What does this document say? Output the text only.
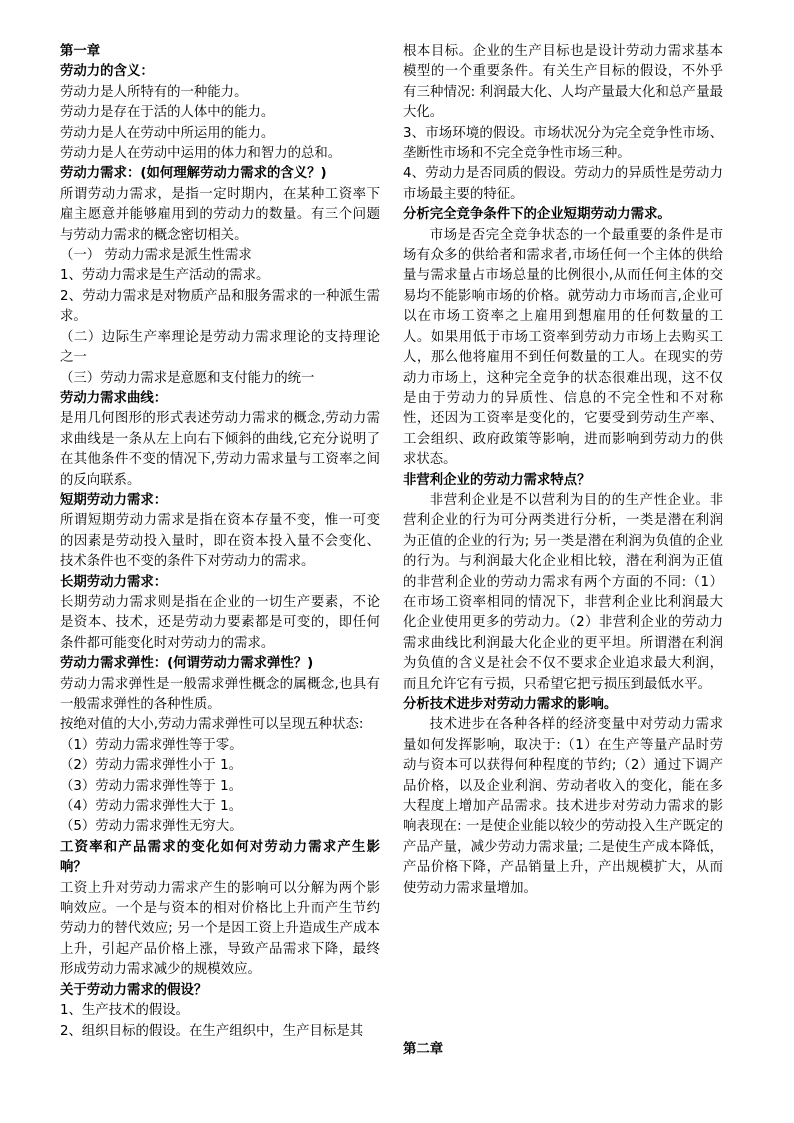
第一章

劳动力的含义：

劳动力是人所特有的一种能力。

劳动力是存在于活的人体中的能力。

劳动力是人在劳动中所运用的能力。

劳动力是人在劳动中运用的体力和智力的总和。

劳动力需求：(如何理解劳动力需求的含义？)

所谓劳动力需求，是指一定时期内，在某种工资率下雇主愿意并能够雇用到的劳动力的数量。有三个问题与劳动力需求的概念密切相关。

（一） 劳动力需求是派生性需求

1、劳动力需求是生产活动的需求。

2、劳动力需求是对物质产品和服务需求的一种派生需求。

（二）边际生产率理论是劳动力需求理论的支持理论之一

（三）劳动力需求是意愿和支付能力的统一

劳动力需求曲线：

是用几何图形的形式表述劳动力需求的概念,劳动力需求曲线是一条从左上向右下倾斜的曲线,它充分说明了在其他条件不变的情况下,劳动力需求量与工资率之间的反向联系。

短期劳动力需求：

所谓短期劳动力需求是指在资本存量不变，惟一可变的因素是劳动投入量时，即在资本投入量不会变化、技术条件也不变的条件下对劳动力的需求。

长期劳动力需求：

长期劳动力需求则是指在企业的一切生产要素，不论是资本、技术，还是劳动力要素都是可变的，即任何条件都可能变化时对劳动力的需求。

劳动力需求弹性：(何谓劳动力需求弹性？)

劳动力需求弹性是一般需求弹性概念的属概念,也具有一般需求弹性的各种性质。

按绝对值的大小,劳动力需求弹性可以呈现五种状态:

（1）劳动力需求弹性等于零。

（2）劳动力需求弹性小于 1。

（3）劳动力需求弹性等于 1。

（4）劳动力需求弹性大于 1。

（5）劳动力需求弹性无穷大。

工资率和产品需求的变化如何对劳动力需求产生影响？

工资上升对劳动力需求产生的影响可以分解为两个影响效应。一个是与资本的相对价格比上升而产生节约劳动力的替代效应; 另一个是因工资上升造成生产成本上升，引起产品价格上涨，导致产品需求下降，最终形成劳动力需求减少的规模效应。

关于劳动力需求的假设？

1、生产技术的假设。

2、组织目标的假设。在生产组织中，生产目标是其

根本目标。企业的生产目标也是设计劳动力需求基本模型的一个重要条件。有关生产目标的假设，不外乎有三种情况: 利润最大化、人均产量最大化和总产量最大化。

3、市场环境的假设。市场状况分为完全竞争性市场、垄断性市场和不完全竞争性市场三种。

4、劳动力是否同质的假设。劳动力的异质性是劳动力市场最主要的特征。

分析完全竞争条件下的企业短期劳动力需求。

市场是否完全竞争状态的一个最重要的条件是市场有众多的供给者和需求者,市场任何一个主体的供给量与需求量占市场总量的比例很小,从而任何主体的交易均不能影响市场的价格。就劳动力市场而言,企业可以在市场工资率之上雇用到想雇用的任何数量的工人。如果用低于市场工资率到劳动力市场上去购买工人，那么他将雇用不到任何数量的工人。在现实的劳动力市场上，这种完全竞争的状态很难出现，这不仅是由于劳动力的异质性、信息的不完全性和不对称性，还因为工资率是变化的，它要受到劳动生产率、工会组织、政府政策等影响，进而影响到劳动力的供求状态。

非营利企业的劳动力需求特点？

非营利企业是不以营利为目的的生产性企业。非营利企业的行为可分两类进行分析，一类是潜在利润为正值的企业的行为; 另一类是潜在利润为负值的企业的行为。与利润最大化企业相比较，潜在利润为正值的非营利企业的劳动力需求有两个方面的不同:（1）在市场工资率相同的情况下，非营利企业比利润最大化企业使用更多的劳动力。（2）非营利企业的劳动力需求曲线比利润最大化企业的更平坦。所谓潜在利润为负值的含义是社会不仅不要求企业追求最大利润，而且允许它有亏损，只希望它把亏损压到最低水平。

分析技术进步对劳动力需求的影响。

技术进步在各种各样的经济变量中对劳动力需求量如何发挥影响，取决于:（1）在生产等量产品时劳动与资本可以获得何种程度的节约;（2）通过下调产品价格，以及企业利润、劳动者收入的变化，能在多大程度上增加产品需求。技术进步对劳动力需求的影响表现在: 一是使企业能以较少的劳动投入生产既定的产品产量，减少劳动力需求量; 二是使生产成本降低，产品价格下降，产品销量上升，产出规模扩大，从而使劳动力需求量增加。

第二章
